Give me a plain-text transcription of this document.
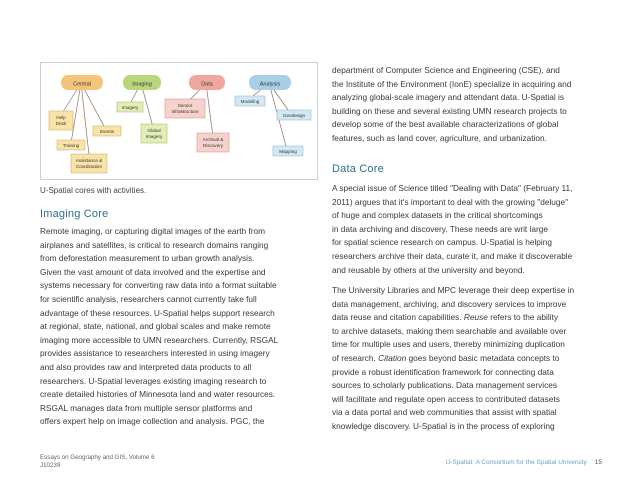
Central	Imaging	Data	Analysis
Help
Desk
Training
Events
Assistance &
Coordination
Imagery
Global
Imagery
Sensor
Infrastructure
Archival &
Discovery
Modeling
Geodesign
Mapping
U-Spatial cores with activities.
Imaging Core

Remote imaging, or capturing digital images of the earth from
airplanes and satellites, is critical to research domains ranging
from deforestation measurement to urban growth analysis.
Given the vast amount of data involved and the expertise and
systems necessary for converting raw data into a format suitable
for scientific analysis, researchers cannot currently take full
advantage of these resources. U-Spatial helps support research
at regional, state, national, and global scales and make remote
imaging more accessible to UMN researchers. Currently, RSGAL
provides assistance to researchers interested in using imagery
and also provides raw and interpreted data products to all
researchers. U-Spatial leverages existing imaging research to
create detailed histories of Minnesota land and water resources.
RSGAL manages data from multiple sensor platforms and
offers expert help on image collection and analysis. PGC, the

department of Computer Science and Engineering (CSE), and
the Institute of the Environment (IonE) specialize in acquiring and
analyzing global-scale imagery and attendant data. U-Spatial is
building on these and several existing UMN research projects to
develop some of the best available characterizations of global
features, such as land cover, agriculture, and urbanization.

Data Core

A special issue of Science titled "Dealing with Data" (February 11,
2011) argues that it's important to deal with the growing "deluge"
of huge and complex datasets in the critical shortcomings
in data archiving and discovery. These needs are writ large
for spatial science research on campus. U-Spatial is helping
researchers archive their data, curate it, and make it discoverable
and reusable by others at the university and beyond.

The University Libraries and MPC leverage their deep expertise in
data management, archiving, and discovery services to improve
data reuse and citation capabilities. Reuse refers to the ability
to archive datasets, making them searchable and available over
time for multiple uses and users, thereby minimizing duplication
of research. Citation goes beyond basic metadata concepts to
provide a robust identification framework for connecting data
sources to scholarly publications. Data management services
will facilitate and regulate open access to contributed datasets
via a data portal and web communities that assist with spatial
knowledge discovery. U-Spatial is in the process of exploring

Essays on Geography and GIS, Volume 6
J10239	U-Spatial: A Consortium for the Spatial University 15
